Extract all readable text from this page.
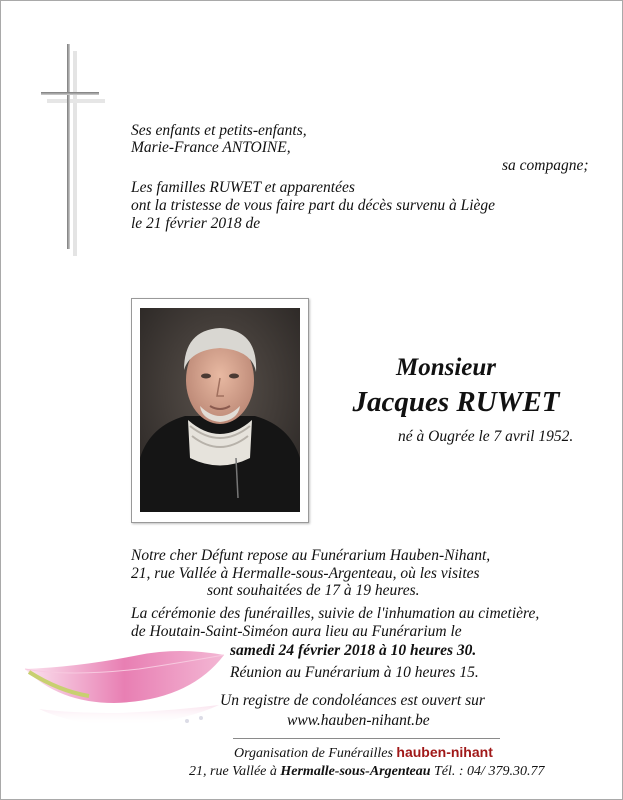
Ses enfants et petits-enfants,
Marie-France ANTOINE,
sa compagne;
Les familles RUWET et apparentées
ont la tristesse de vous faire part du décès survenu à Liège
le 21 février 2018 de
Monsieur
Jacques RUWET
né à Ougrée le 7 avril 1952.
Notre cher Défunt repose au Funérarium Hauben-Nihant,
21, rue Vallée à Hermalle-sous-Argenteau, où les visites
sont souhaitées de 17 à 19 heures.
La cérémonie des funérailles, suivie de l'inhumation au cimetière,
de Houtain-Saint-Siméon aura lieu au Funérarium le
samedi 24 février 2018 à 10 heures 30.
Réunion au Funérarium à 10 heures 15.
Un registre de condoléances est ouvert sur
www.hauben-nihant.be
Organisation de Funérailles hauben-nihant
21, rue Vallée à Hermalle-sous-Argenteau Tél. : 04/ 379.30.77
